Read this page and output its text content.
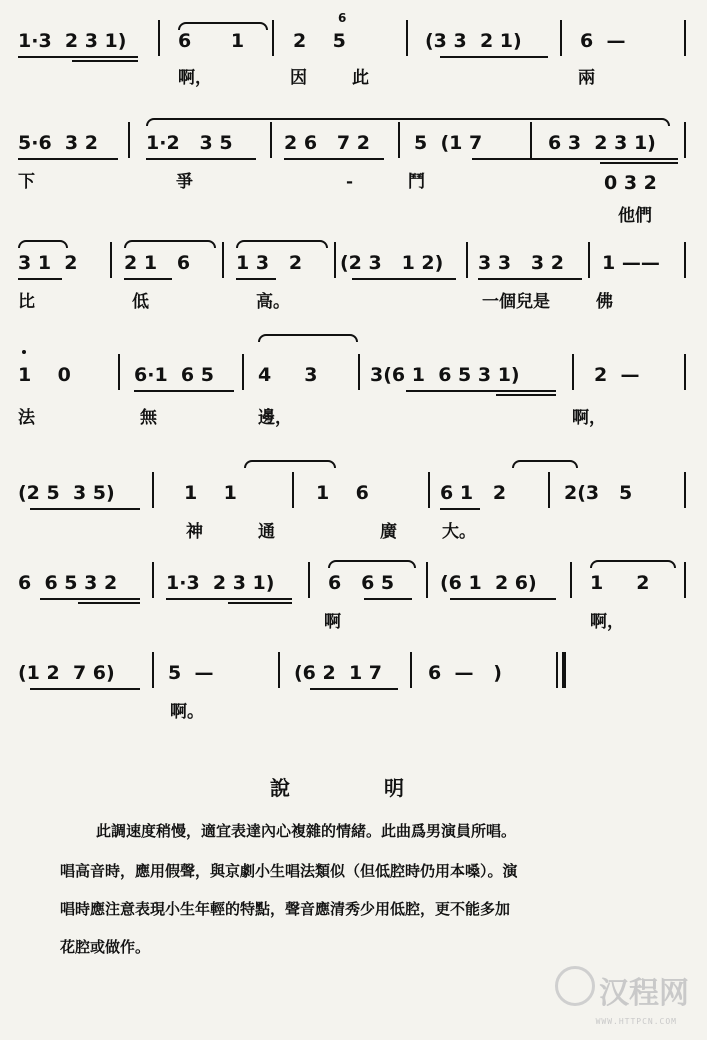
1·3  2 3 1)	6      1	2    5
6
(3 3  2 1)	6  —
啊，	因	此	兩
5·6  3 2	1·2   3 5	2 6   7 2 5  (1 7	6 3  2 3 1)
下	爭	-	鬥	0 3 2
他們
3 1  2 2 1   6 1 3   2 (2 3   1 2) 3 3   3 2 1 ——
比	低	高。	一個兒是	佛
1    0	6·1  6 5 4     3	3(6 1  6 5 3 1)	2  —
法	無	邊，	啊，
(2 5  3 5)	1    1	1    6	6 1   2	2(3   5
神	通	廣	大。
6  6 5 3 2	1·3  2 3 1)	6   6 5 (6 1  2 6)	1     2
啊	啊，
(1 2  7 6)	5  —	(6 2  1 7 6  —   )
啊。
說	明
此調速度稍慢，適宜表達內心複雜的情緒。此曲爲男演員所唱。
唱高音時，應用假聲，與京劇小生唱法類似（但低腔時仍用本嗓）。演
唱時應注意表現小生年輕的特點，聲音應清秀少用低腔，更不能多加
花腔或做作。
汉程网
WWW.HTTPCN.COM
